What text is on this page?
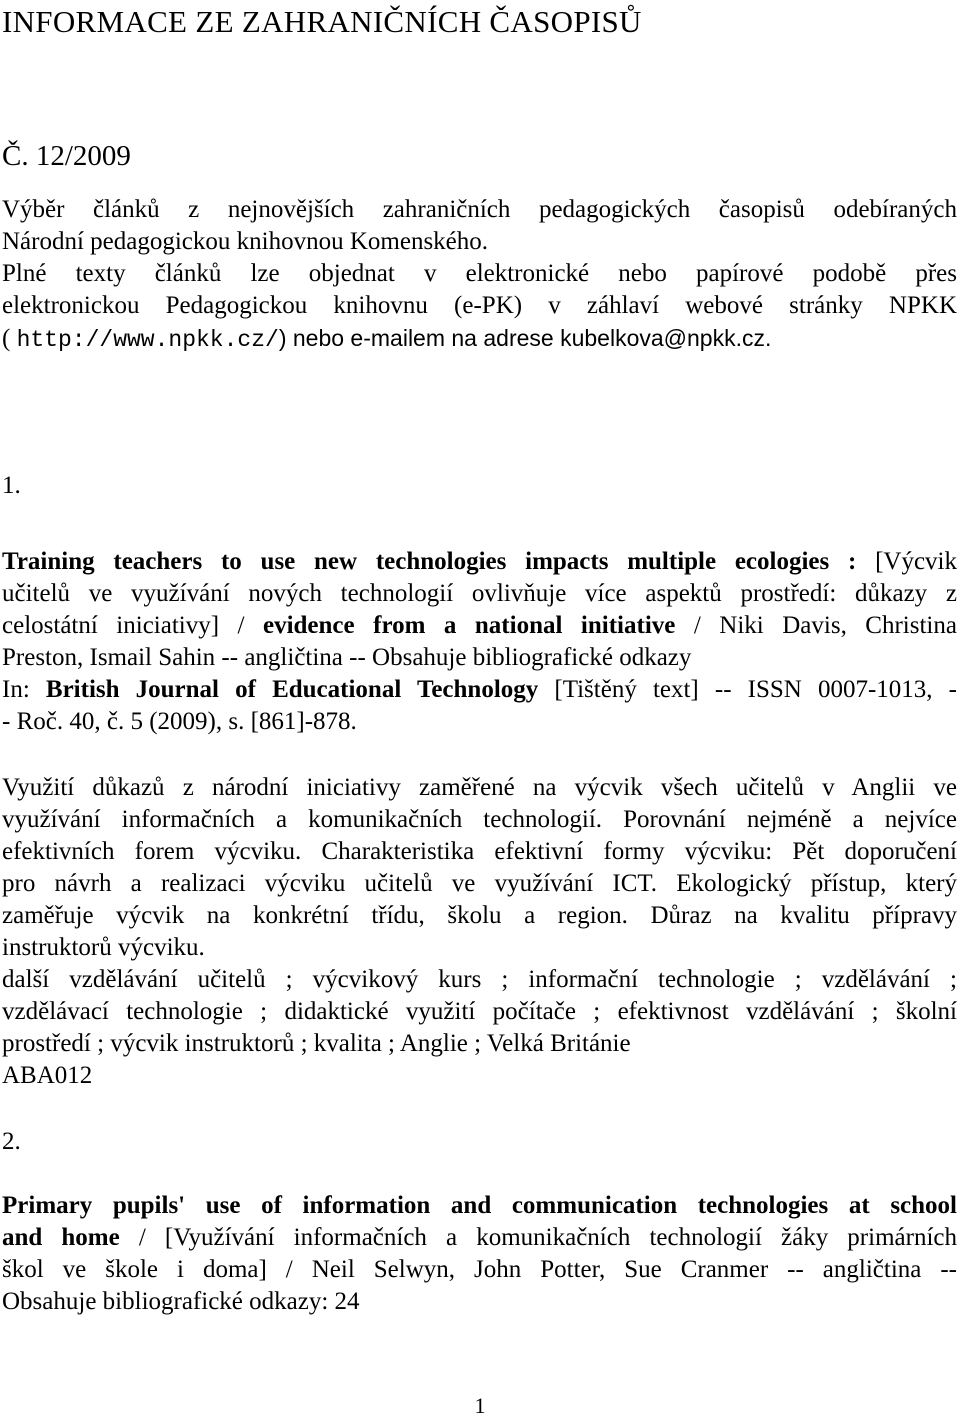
INFORMACE ZE ZAHRANIČNÍCH ČASOPISŮ
Č. 12/2009
Výběr článků z nejnovějších zahraničních pedagogických časopisů odebíraných
Národní pedagogickou knihovnou Komenského.
Plné texty článků lze objednat v elektronické nebo papírové podobě přes
elektronickou Pedagogickou knihovnu (e-PK) v záhlaví webové stránky NPKK
( http://www.npkk.cz/) nebo e-mailem na adrese kubelkova@npkk.cz.
1.
Training teachers to use new technologies impacts multiple ecologies : [Výcvik
učitelů ve využívání nových technologií ovlivňuje více aspektů prostředí: důkazy z
celostátní iniciativy] / evidence from a national initiative / Niki Davis, Christina
Preston, Ismail Sahin -- angličtina -- Obsahuje bibliografické odkazy
In: British Journal of Educational Technology [Tištěný text] -- ISSN 0007-1013, -
- Roč. 40, č. 5 (2009), s. [861]-878.
Využití důkazů z národní iniciativy zaměřené na výcvik všech učitelů v Anglii ve
využívání informačních a komunikačních technologií. Porovnání nejméně a nejvíce
efektivních forem výcviku. Charakteristika efektivní formy výcviku: Pět doporučení
pro návrh a realizaci výcviku učitelů ve využívání ICT. Ekologický přístup, který
zaměřuje výcvik na konkrétní třídu, školu a region. Důraz na kvalitu přípravy
instruktorů výcviku.
další vzdělávání učitelů ; výcvikový kurs ; informační technologie ; vzdělávání ;
vzdělávací technologie ; didaktické využití počítače ; efektivnost vzdělávání ; školní
prostředí ; výcvik instruktorů ; kvalita ; Anglie ; Velká Británie
ABA012
2.
Primary pupils' use of information and communication technologies at school
and home / [Využívání informačních a komunikačních technologií žáky primárních
škol ve škole i doma] / Neil Selwyn, John Potter, Sue Cranmer -- angličtina --
Obsahuje bibliografické odkazy: 24
1
